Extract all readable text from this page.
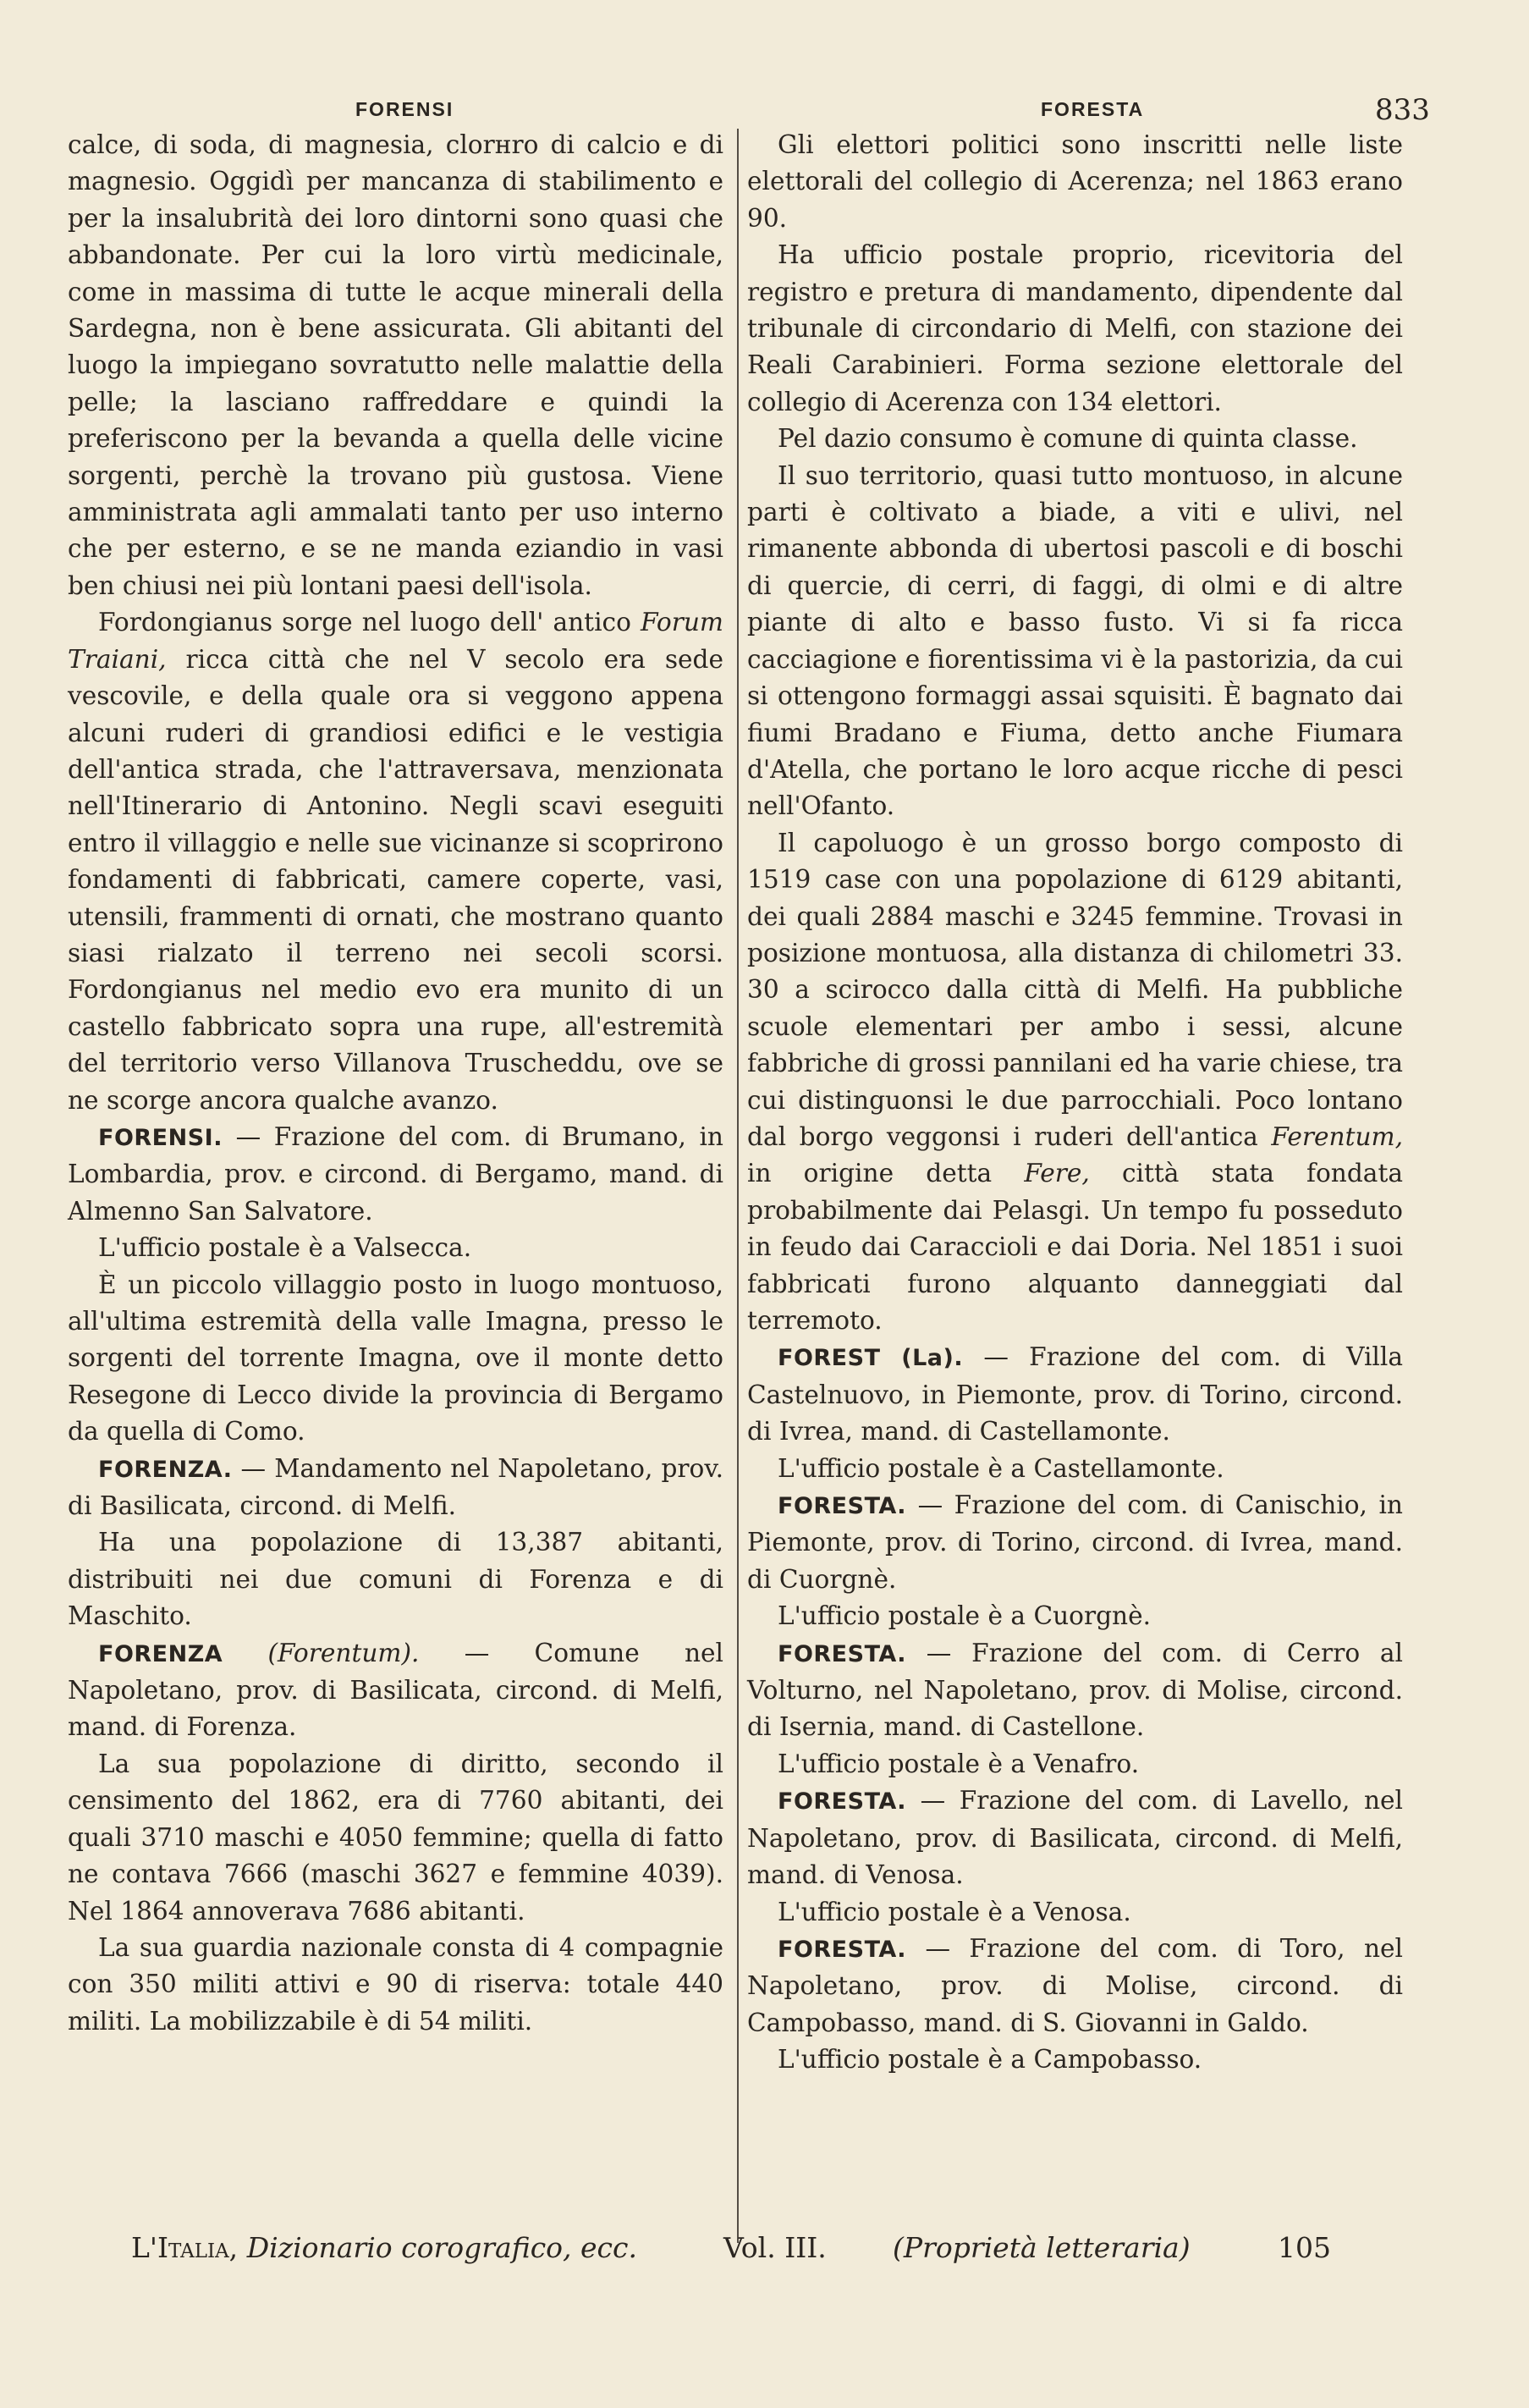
FORENSI	FORESTA	833

calce, di soda, di magnesia, clorнro di calcio e di magnesio. Oggidì per mancanza di stabilimento e per la insalubrità dei loro dintorni sono quasi che abbandonate. Per cui la loro virtù medicinale, come in massima di tutte le acque minerali della Sardegna, non è bene assicurata. Gli abitanti del luogo la impiegano sovratutto nelle malattie della pelle; la lasciano raffreddare e quindi la preferiscono per la bevanda a quella delle vicine sorgenti, perchè la trovano più gustosa. Viene amministrata agli ammalati tanto per uso interno che per esterno, e se ne manda eziandio in vasi ben chiusi nei più lontani paesi dell'isola.

Fordongianus sorge nel luogo dell' antico Forum Traiani, ricca città che nel V secolo era sede vescovile, e della quale ora si veggono appena alcuni ruderi di grandiosi edifici e le vestigia dell'antica strada, che l'attraversava, menzionata nell'Itinerario di Antonino. Negli scavi eseguiti entro il villaggio e nelle sue vicinanze si scoprirono fondamenti di fabbricati, camere coperte, vasi, utensili, frammenti di ornati, che mostrano quanto siasi rialzato il terreno nei secoli scorsi. Fordongianus nel medio evo era munito di un castello fabbricato sopra una rupe, all'estremità del territorio verso Villanova Truscheddu, ove se ne scorge ancora qualche avanzo.

FORENSI. — Frazione del com. di Brumano, in Lombardia, prov. e circond. di Bergamo, mand. di Almenno San Salvatore.

L'ufficio postale è a Valsecca.

È un piccolo villaggio posto in luogo montuoso, all'ultima estremità della valle Imagna, presso le sorgenti del torrente Imagna, ove il monte detto Resegone di Lecco divide la provincia di Bergamo da quella di Como.

FORENZA. — Mandamento nel Napoletano, prov. di Basilicata, circond. di Melfi.

Ha una popolazione di 13,387 abitanti, distribuiti nei due comuni di Forenza e di Maschito.

FORENZA (Forentum). — Comune nel Napoletano, prov. di Basilicata, circond. di Melfi, mand. di Forenza.

La sua popolazione di diritto, secondo il censimento del 1862, era di 7760 abitanti, dei quali 3710 maschi e 4050 femmine; quella di fatto ne contava 7666 (maschi 3627 e femmine 4039). Nel 1864 annoverava 7686 abitanti.

La sua guardia nazionale consta di 4 compagnie con 350 militi attivi e 90 di riserva: totale 440 militi. La mobilizzabile è di 54 militi.

Gli elettori politici sono inscritti nelle liste elettorali del collegio di Acerenza; nel 1863 erano 90.

Ha ufficio postale proprio, ricevitoria del registro e pretura di mandamento, dipendente dal tribunale di circondario di Melfi, con stazione dei Reali Carabinieri. Forma sezione elettorale del collegio di Acerenza con 134 elettori.

Pel dazio consumo è comune di quinta classe.

Il suo territorio, quasi tutto montuoso, in alcune parti è coltivato a biade, a viti e ulivi, nel rimanente abbonda di ubertosi pascoli e di boschi di quercie, di cerri, di faggi, di olmi e di altre piante di alto e basso fusto. Vi si fa ricca cacciagione e fiorentissima vi è la pastorizia, da cui si ottengono formaggi assai squisiti. È bagnato dai fiumi Bradano e Fiuma, detto anche Fiumara d'Atella, che portano le loro acque ricche di pesci nell'Ofanto.

Il capoluogo è un grosso borgo composto di 1519 case con una popolazione di 6129 abitanti, dei quali 2884 maschi e 3245 femmine. Trovasi in posizione montuosa, alla distanza di chilometri 33. 30 a scirocco dalla città di Melfi. Ha pubbliche scuole elementari per ambo i sessi, alcune fabbriche di grossi pannilani ed ha varie chiese, tra cui distinguonsi le due parrocchiali. Poco lontano dal borgo veggonsi i ruderi dell'antica Ferentum, in origine detta Fere, città stata fondata probabilmente dai Pelasgi. Un tempo fu posseduto in feudo dai Caraccioli e dai Doria. Nel 1851 i suoi fabbricati furono alquanto danneggiati dal terremoto.

FOREST (La). — Frazione del com. di Villa Castelnuovo, in Piemonte, prov. di Torino, circond. di Ivrea, mand. di Castellamonte.

L'ufficio postale è a Castellamonte.

FORESTA. — Frazione del com. di Canischio, in Piemonte, prov. di Torino, circond. di Ivrea, mand. di Cuorgnè.

L'ufficio postale è a Cuorgnè.

FORESTA. — Frazione del com. di Cerro al Volturno, nel Napoletano, prov. di Molise, circond. di Isernia, mand. di Castellone.

L'ufficio postale è a Venafro.

FORESTA. — Frazione del com. di Lavello, nel Napoletano, prov. di Basilicata, circond. di Melfi, mand. di Venosa.

L'ufficio postale è a Venosa.

FORESTA. — Frazione del com. di Toro, nel Napoletano, prov. di Molise, circond. di Campobasso, mand. di S. Giovanni in Galdo.

L'ufficio postale è a Campobasso.

L'Italia, Dizionario corografico, ecc.	Vol. III. (Proprietà letteraria)	105
